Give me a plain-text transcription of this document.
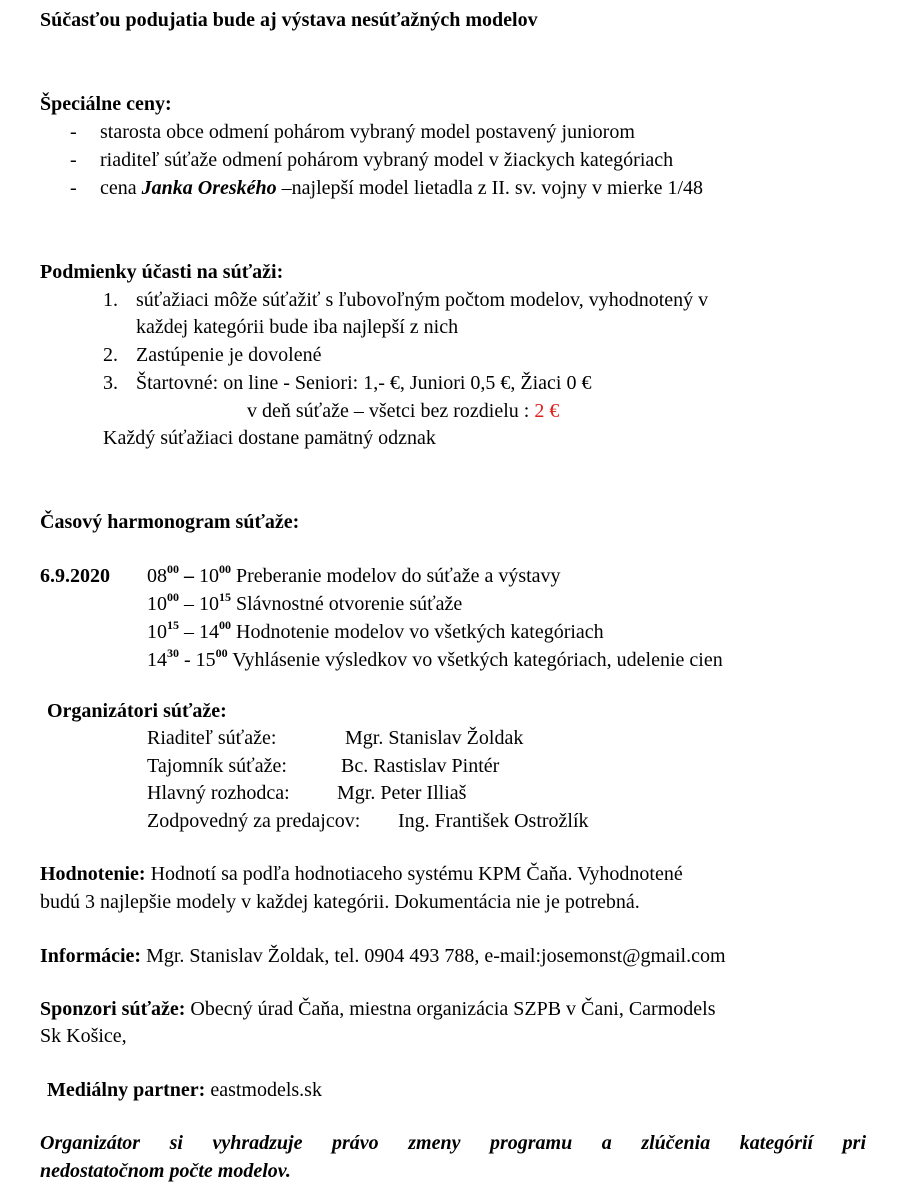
Súčasťou podujatia bude aj výstava nesúťažných modelov
Špeciálne ceny:
- starosta obce odmení pohárom vybraný model postavený juniorom
- riaditeľ súťaže odmení pohárom vybraný model v žiackych kategóriach
- cena Janka Oreského –najlepší model lietadla z II. sv. vojny v mierke 1/48
Podmienky účasti na súťaži:
1. súťažiaci môže súťažiť s ľubovoľným počtom modelov, vyhodnotený v
každej kategórii bude iba najlepší z nich
2. Zastúpenie je dovolené
3. Štartovné: on line - Seniori: 1,- €, Juniori 0,5 €, Žiaci 0 €
v deň súťaže – všetci bez rozdielu : 2 €
Každý súťažiaci dostane pamätný odznak
Časový harmonogram súťaže:
6.9.2020 $08^{00} - 10^{00}$ Preberanie modelov do súťaže a výstavy
$10^{00} - 10^{15}$ Slávnostné otvorenie súťaže
$10^{15} - 14^{00}$ Hodnotenie modelov vo všetkých kategóriach
$14^{30} - 15^{00}$ Vyhlásenie výsledkov vo všetkých kategóriach, udelenie cien
Organizátori súťaže:
Riaditeľ súťaže:	Mgr. Stanislav Žoldak
Tajomník súťaže:	Bc. Rastislav Pintér
Hlavný rozhodca: Mgr. Peter Illiaš
Zodpovedný za predajcov: Ing. František Ostrožlík
Hodnotenie: Hodnotí sa podľa hodnotiaceho systému KPM Čaňa. Vyhodnotené
budú 3 najlepšie modely v každej kategórii. Dokumentácia nie je potrebná.
Informácie: Mgr. Stanislav Žoldak, tel. 0904 493 788, e-mail:josemonst@gmail.com
Sponzori súťaže: Obecný úrad Čaňa, miestna organizácia SZPB v Čani, Carmodels
Sk Košice,
Mediálny partner: eastmodels.sk
Organizátor si vyhradzuje právo zmeny programu a zlúčenia kategórií pri
nedostatočnom počte modelov.
